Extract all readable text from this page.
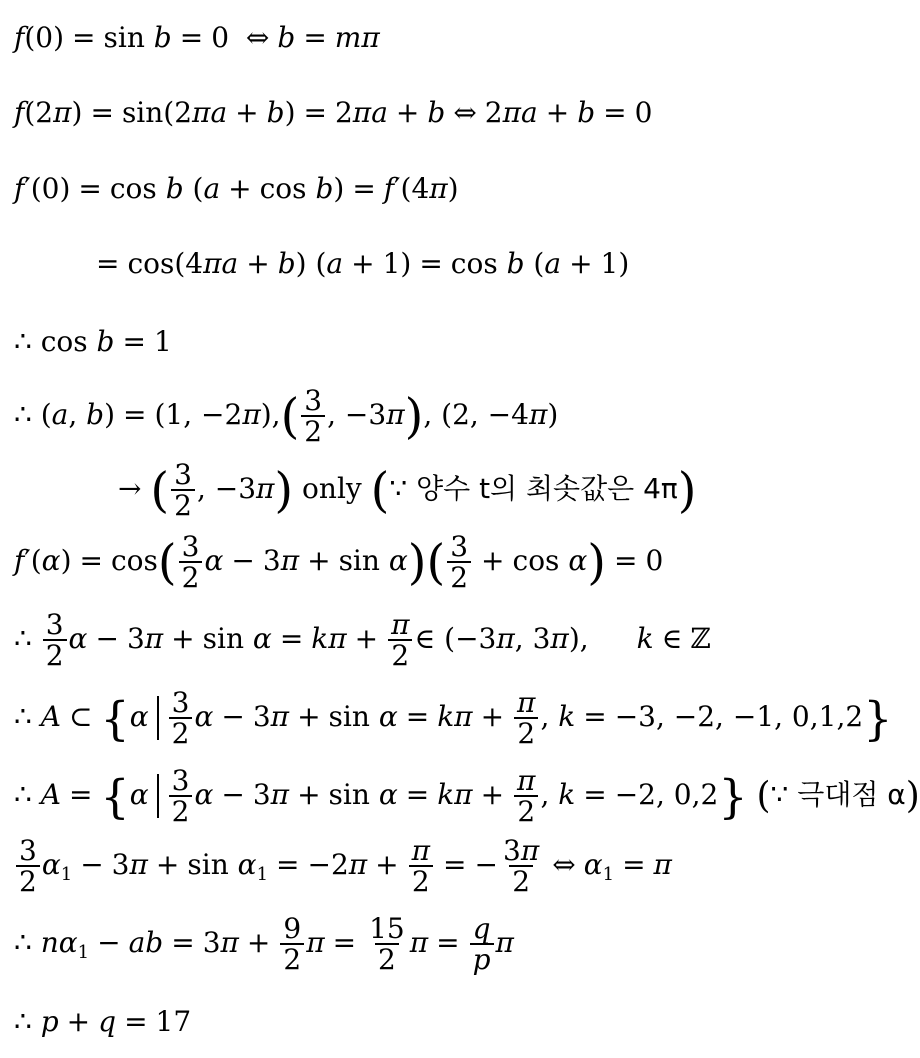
f(0) = sin b = 0 ⇔ b = mπ
f(2π) = sin(2πa + b) = 2πa + b ⇔ 2πa + b = 0
f′(0) = cos b (a + cos b) = f′(4π)
= cos(4πa + b) (a + 1) = cos b (a + 1)
∴ cos b = 1
∴ (a, b) = (1, $-2\pi),( \frac{3}{2}$ , −3π), (2, −4π)
→ ( $\frac{3}{2}$ , −3π) only (∵ 양수 t의 최솟값은 4π)
$f'(\alpha) = \cos( \frac{3}{2}$ $\alpha - 3\pi + \sin \alpha)( \frac{3}{2} + \cos \alpha) = 0$
∴ $\frac{3}{2}$ $\alpha - 3\pi + \sin \alpha = k\pi + \frac{\pi}{2}$ ∈ (−3π, 3π), k ∈ ℤ
∴ A ⊂ {$\alpha \frac{3}{2}$ $\alpha - 3\pi + \sin \alpha = k\pi + \frac{\pi}{2}$ , k = −3, −2, −1, 0,1,2}
∴ $A = \{\alpha \frac{3}{2}$ $\alpha - 3\pi + \sin \alpha = k\pi + \frac{\pi}{2}$ , k = −2, 0,2} (∵ 극대점 α)
$\frac{3}{2} \alpha_1 - 3\pi + \sin \alpha_1 = -2\pi + \frac{\pi}{2}$ = − $\frac{3\pi}{2}$ ⇔ $\alpha_1 = \pi$
∴ $n\alpha_1$ − ab = $3\pi + \frac{9}{2}$ $\pi = \frac{15}{2}$ $\pi = \frac{q}{p}$ π
∴ p + q = 17
